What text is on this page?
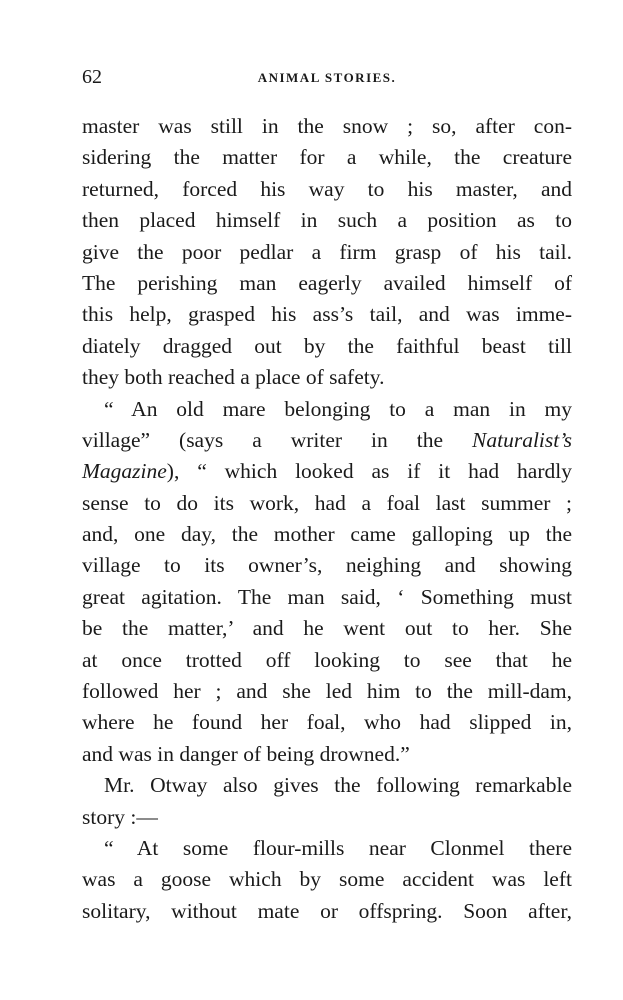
62	ANIMAL STORIES.
master was still in the snow ; so, after con-
sidering the matter for a while, the creature
returned, forced his way to his master, and
then placed himself in such a position as to
give the poor pedlar a firm grasp of his tail.
The perishing man eagerly availed himself of
this help, grasped his ass’s tail, and was imme-
diately dragged out by the faithful beast till
they both reached a place of safety.
“ An old mare belonging to a man in my
village” (says a writer in the Naturalist’s
Magazine), “ which looked as if it had hardly
sense to do its work, had a foal last summer ;
and, one day, the mother came galloping up the
village to its owner’s, neighing and showing
great agitation. The man said, ‘ Something must
be the matter,’ and he went out to her. She
at once trotted off looking to see that he
followed her ; and she led him to the mill-dam,
where he found her foal, who had slipped in,
and was in danger of being drowned.”
Mr. Otway also gives the following remarkable
story :—
“ At some flour-mills near Clonmel there
was a goose which by some accident was left
solitary, without mate or offspring. Soon after,
